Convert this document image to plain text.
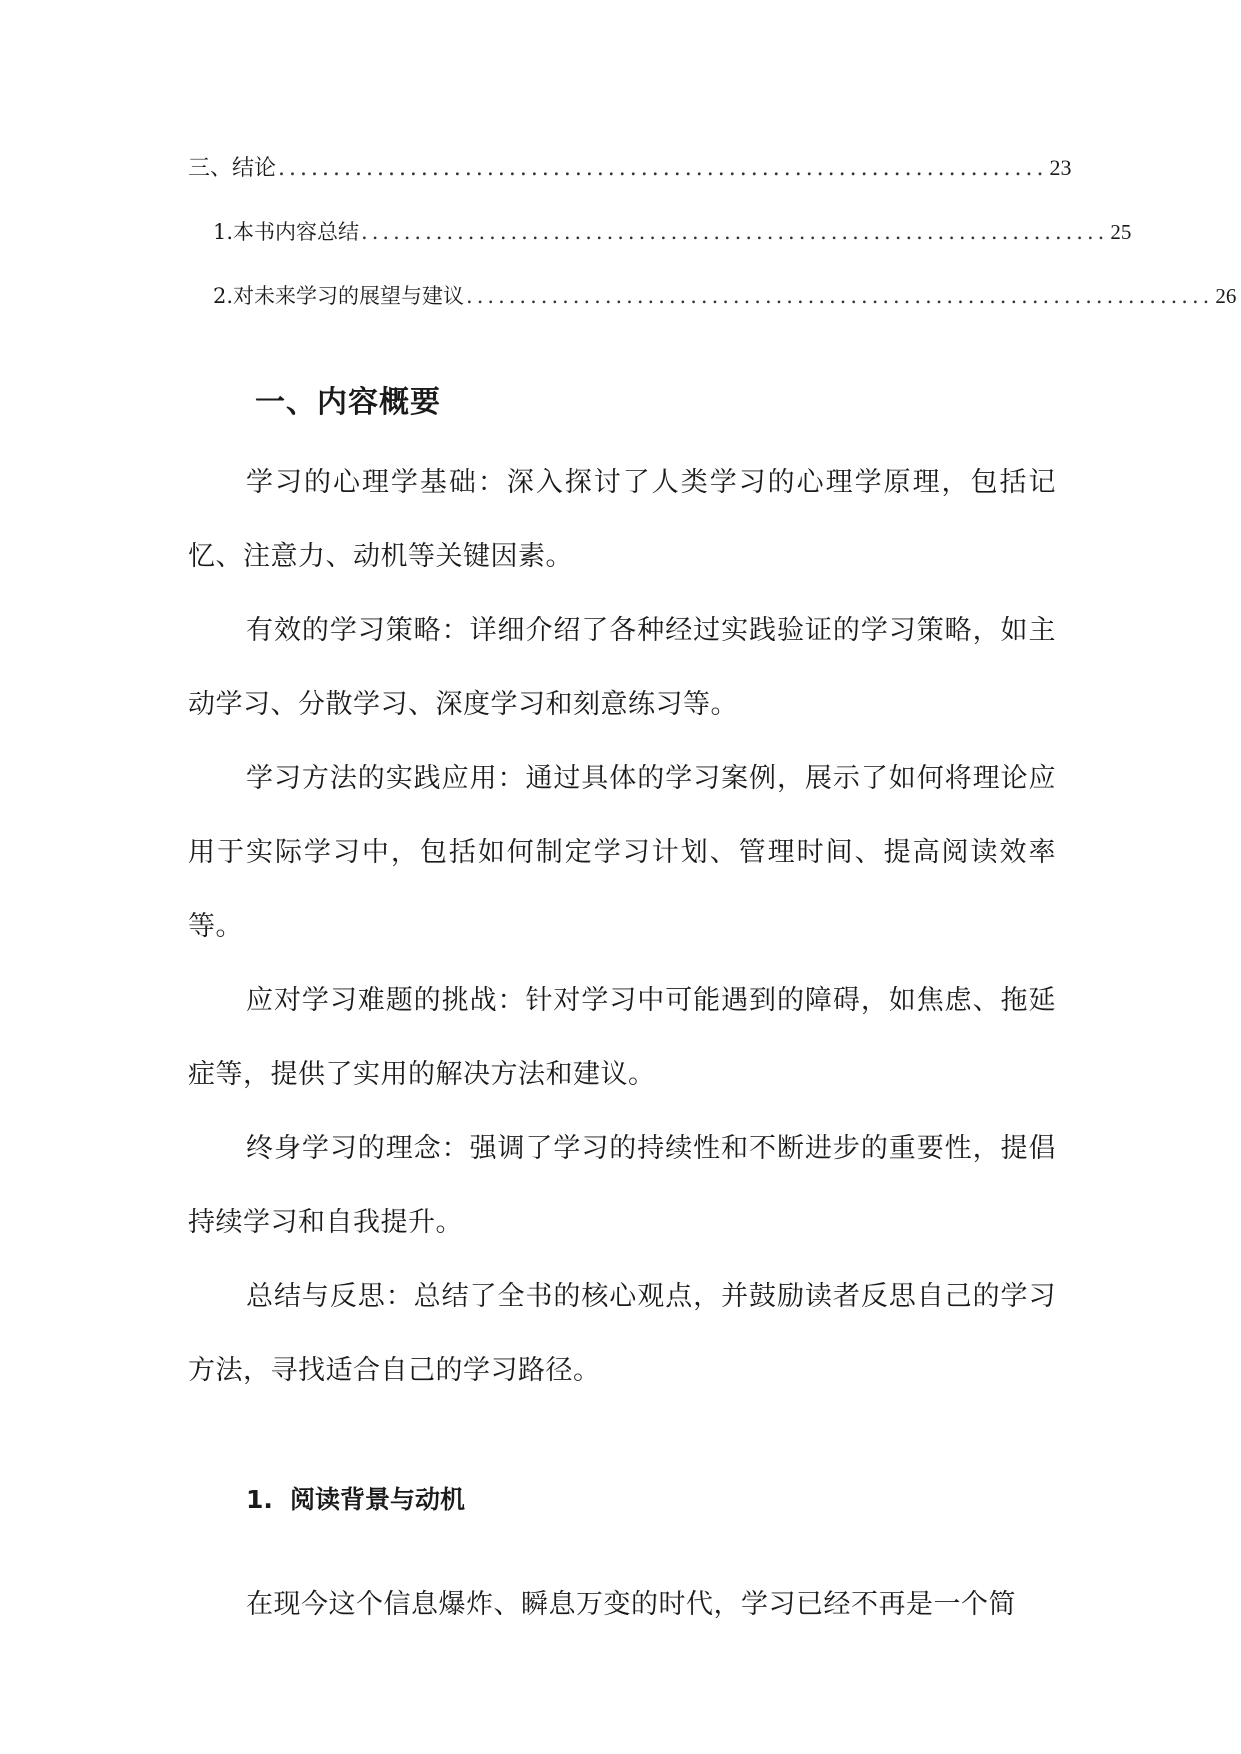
三、结论 ...................................................................... 23
1. 本书内容总结 ...................................................................... 25
2. 对未来学习的展望与建议 ...................................................................... 26
一、内容概要

学习的心理学基础：深入探讨了人类学习的心理学原理，包括记忆、注意力、动机等关键因素。

有效的学习策略：详细介绍了各种经过实践验证的学习策略，如主动学习、分散学习、深度学习和刻意练习等。

学习方法的实践应用：通过具体的学习案例，展示了如何将理论应用于实际学习中，包括如何制定学习计划、管理时间、提高阅读效率等。

应对学习难题的挑战：针对学习中可能遇到的障碍，如焦虑、拖延症等，提供了实用的解决方法和建议。

终身学习的理念：强调了学习的持续性和不断进步的重要性，提倡持续学习和自我提升。

总结与反思：总结了全书的核心观点，并鼓励读者反思自己的学习方法，寻找适合自己的学习路径。

1. 阅读背景与动机

在现今这个信息爆炸、瞬息万变的时代，学习已经不再是一个简
